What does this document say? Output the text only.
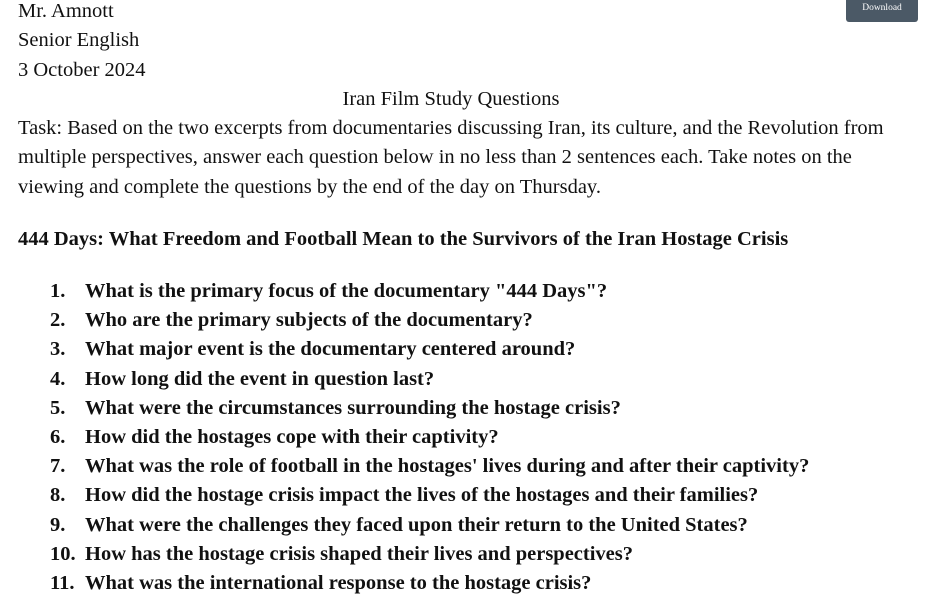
Mr. Amnott
Senior English
3 October 2024
Download
Iran Film Study Questions

Task: Based on the two excerpts from documentaries discussing Iran, its culture, and the Revolution from multiple perspectives, answer each question below in no less than 2 sentences each. Take notes on the viewing and complete the questions by the end of the day on Thursday.

444 Days: What Freedom and Football Mean to the Survivors of the Iran Hostage Crisis
1. What is the primary focus of the documentary "444 Days"?
2. Who are the primary subjects of the documentary?
3. What major event is the documentary centered around?
4. How long did the event in question last?
5. What were the circumstances surrounding the hostage crisis?
6. How did the hostages cope with their captivity?
7. What was the role of football in the hostages' lives during and after their captivity?
8. How did the hostage crisis impact the lives of the hostages and their families?
9. What were the challenges they faced upon their return to the United States?
10. How has the hostage crisis shaped their lives and perspectives?
11. What was the international response to the hostage crisis?
